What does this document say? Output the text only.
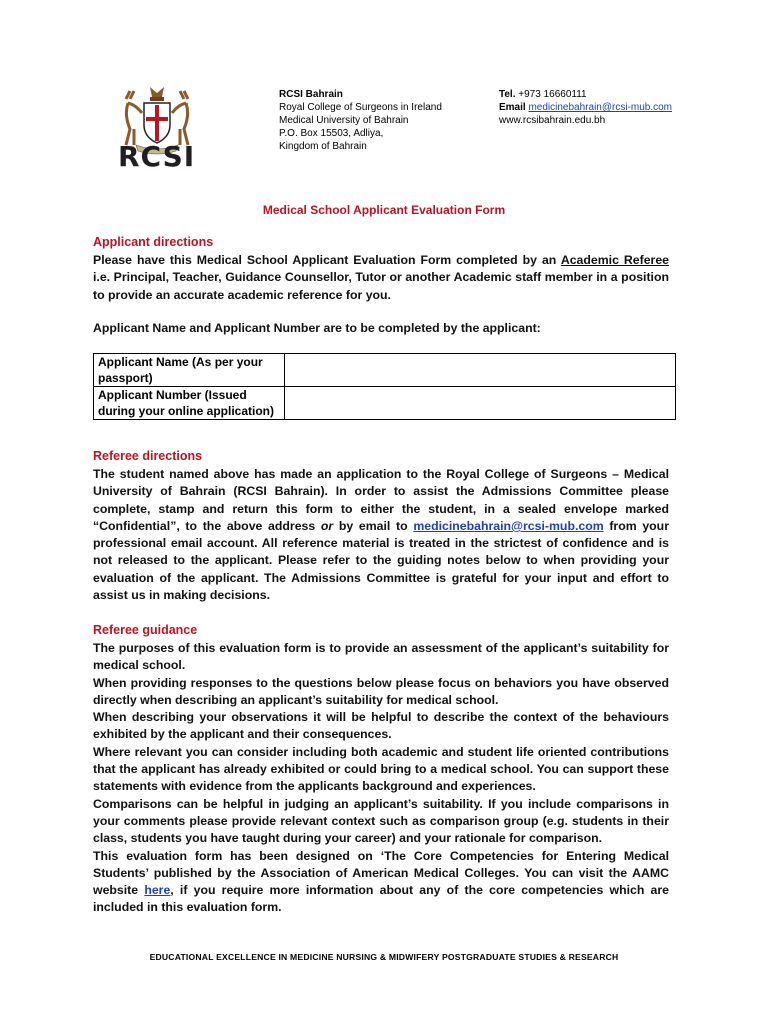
RCSI
RCSI Bahrain
Royal College of Surgeons in Ireland
Medical University of Bahrain
P.O. Box 15503, Adliya,
Kingdom of Bahrain
Tel. +973 16660111
Email medicinebahrain@rcsi-mub.com
www.rcsibahrain.edu.bh
Medical School Applicant Evaluation Form
Applicant directions
Please have this Medical School Applicant Evaluation Form completed by an Academic Referee i.e. Principal, Teacher, Guidance Counsellor, Tutor or another Academic staff member in a position to provide an accurate academic reference for you.
Applicant Name and Applicant Number are to be completed by the applicant:
Applicant Name (As per your passport)	
Applicant Number (Issued during your online application)	
Referee directions
The student named above has made an application to the Royal College of Surgeons – Medical University of Bahrain (RCSI Bahrain). In order to assist the Admissions Committee please complete, stamp and return this form to either the student, in a sealed envelope marked “Confidential”, to the above address or by email to medicinebahrain@rcsi-mub.com from your professional email account. All reference material is treated in the strictest of confidence and is not released to the applicant. Please refer to the guiding notes below to when providing your evaluation of the applicant. The Admissions Committee is grateful for your input and effort to assist us in making decisions.
Referee guidance
The purposes of this evaluation form is to provide an assessment of the applicant’s suitability for medical school.
When providing responses to the questions below please focus on behaviors you have observed directly when describing an applicant’s suitability for medical school.
When describing your observations it will be helpful to describe the context of the behaviours exhibited by the applicant and their consequences.
Where relevant you can consider including both academic and student life oriented contributions that the applicant has already exhibited or could bring to a medical school. You can support these statements with evidence from the applicants background and experiences.
Comparisons can be helpful in judging an applicant’s suitability. If you include comparisons in your comments please provide relevant context such as comparison group (e.g. students in their class, students you have taught during your career) and your rationale for comparison.
This evaluation form has been designed on ‘The Core Competencies for Entering Medical Students’ published by the Association of American Medical Colleges. You can visit the AAMC website here, if you require more information about any of the core competencies which are included in this evaluation form.
EDUCATIONAL EXCELLENCE IN MEDICINE NURSING & MIDWIFERY POSTGRADUATE STUDIES & RESEARCH
